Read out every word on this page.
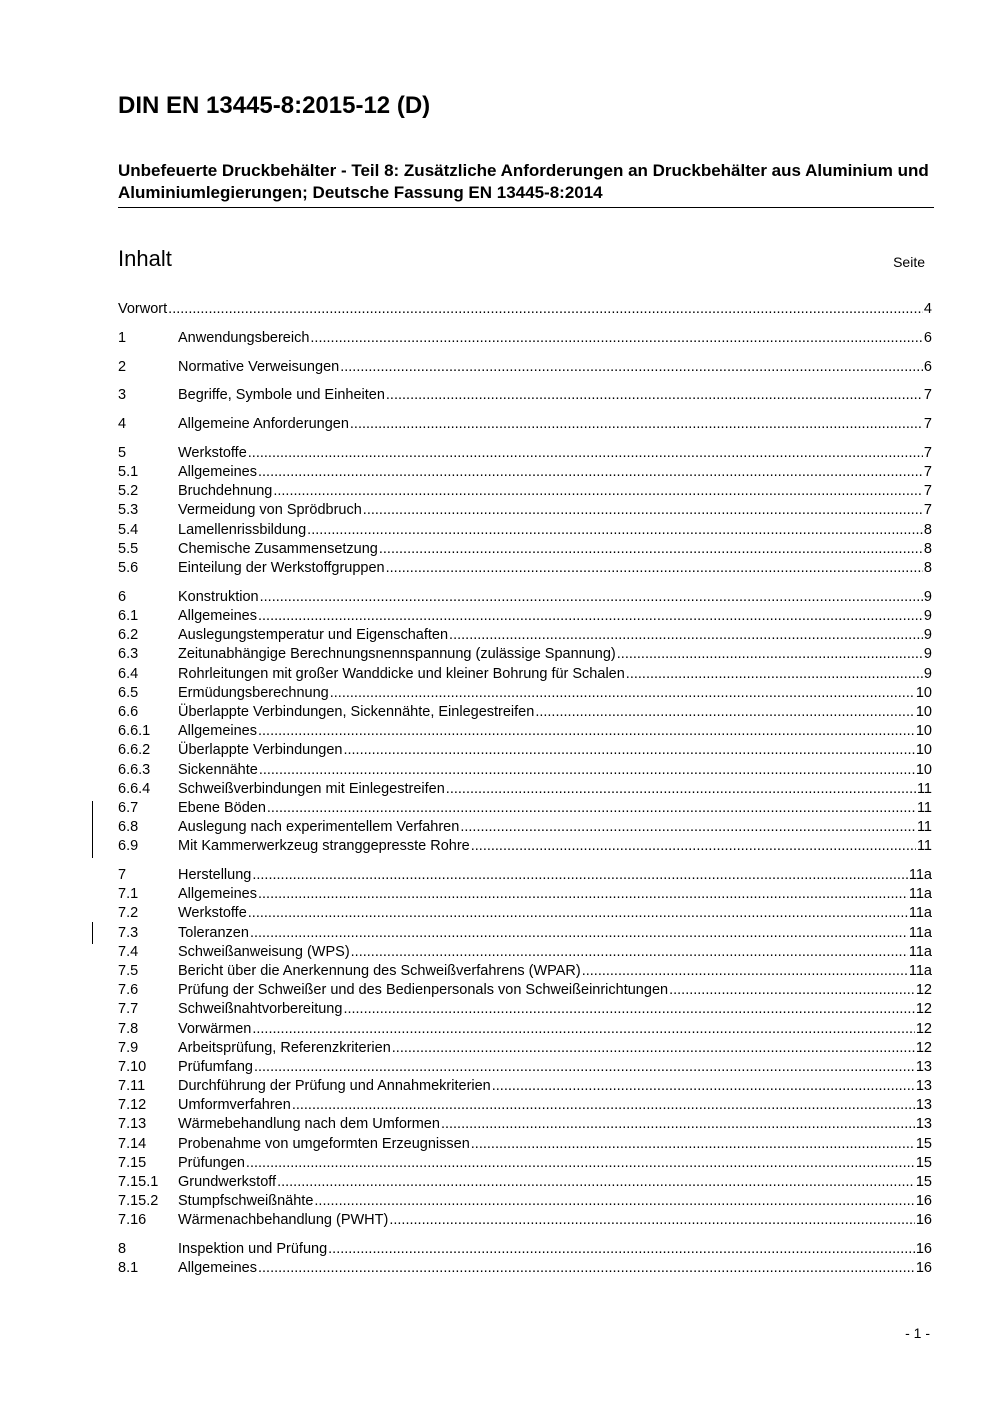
DIN EN 13445-8:2015-12 (D)
Unbefeuerte Druckbehälter - Teil 8: Zusätzliche Anforderungen an Druckbehälter aus Aluminium und Aluminiumlegierungen; Deutsche Fassung EN 13445-8:2014
Inhalt	Seite
Vorwort .....	4
1	Anwendungsbereich .....	6
2	Normative Verweisungen .....	6
3	Begriffe, Symbole und Einheiten .....	7
4	Allgemeine Anforderungen .....	7
5	Werkstoffe .....	7
5.1	Allgemeines .....	7
5.2	Bruchdehnung .....	7
5.3	Vermeidung von Sprödbruch .....	7
5.4	Lamellenrissbildung .....	8
5.5	Chemische Zusammensetzung .....	8
5.6	Einteilung der Werkstoffgruppen .....	8
6	Konstruktion .....	9
6.1	Allgemeines .....	9
6.2	Auslegungstemperatur und Eigenschaften .....	9
6.3	Zeitunabhängige Berechnungsnennspannung (zulässige Spannung) .....	9
6.4	Rohrleitungen mit großer Wanddicke und kleiner Bohrung für Schalen .....	9
6.5	Ermüdungsberechnung .....	10
6.6	Überlappte Verbindungen, Sickennähte, Einlegestreifen .....	10
6.6.1	Allgemeines .....	10
6.6.2	Überlappte Verbindungen .....	10
6.6.3	Sickennähte .....	10
6.6.4	Schweißverbindungen mit Einlegestreifen .....	11
6.7	Ebene Böden .....	11
6.8	Auslegung nach experimentellem Verfahren .....	11
6.9	Mit Kammerwerkzeug stranggepresste Rohre .....	11
7	Herstellung .....	11a
7.1	Allgemeines .....	11a
7.2	Werkstoffe .....	11a
7.3	Toleranzen .....	11a
7.4	Schweißanweisung (WPS) .....	11a
7.5	Bericht über die Anerkennung des Schweißverfahrens (WPAR) .....	11a
7.6	Prüfung der Schweißer und des Bedienpersonals von Schweißeinrichtungen .....	12
7.7	Schweißnahtvorbereitung .....	12
7.8	Vorwärmen .....	12
7.9	Arbeitsprüfung, Referenzkriterien .....	12
7.10	Prüfumfang .....	13
7.11	Durchführung der Prüfung und Annahmekriterien .....	13
7.12	Umformverfahren .....	13
7.13	Wärmebehandlung nach dem Umformen .....	13
7.14	Probenahme von umgeformten Erzeugnissen .....	15
7.15	Prüfungen .....	15
7.15.1	Grundwerkstoff .....	15
7.15.2	Stumpfschweißnähte .....	16
7.16	Wärmenachbehandlung (PWHT) .....	16
8	Inspektion und Prüfung .....	16
8.1	Allgemeines .....	16
- 1 -
